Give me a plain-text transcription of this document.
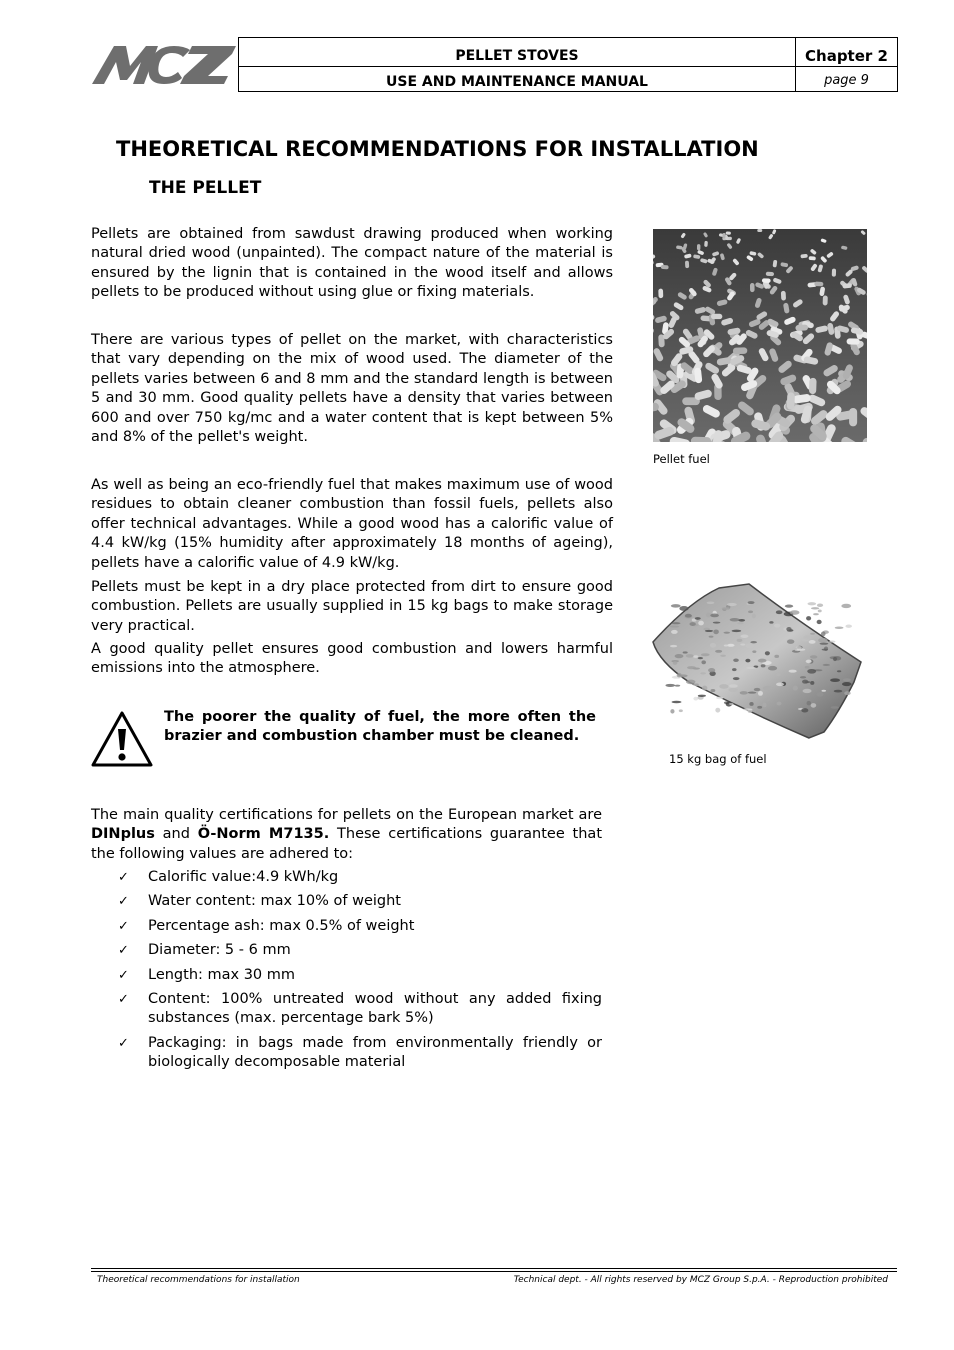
PELLET STOVES
USE AND MAINTENANCE MANUAL
Chapter 2
page 9
THEORETICAL RECOMMENDATIONS FOR INSTALLATION
THE PELLET

Pellets are obtained from sawdust drawing produced when working natural dried wood (unpainted). The compact nature of the material is ensured by the lignin that is contained in the wood itself and allows pellets to be produced without using glue or fixing materials.

There are various types of pellet on the market, with characteristics that vary depending on the mix of wood used. The diameter of the pellets varies between 6 and 8 mm and the standard length is between 5 and 30 mm. Good quality pellets have a density that varies between 600 and over 750 kg/mc and a water content that is kept between 5% and 8% of the pellet's weight.

As well as being an eco-friendly fuel that makes maximum use of wood residues to obtain cleaner combustion than fossil fuels, pellets also offer technical advantages. While a good wood has a calorific value of 4.4 kW/kg (15% humidity after approximately 18 months of ageing), pellets have a calorific value of 4.9 kW/kg.

Pellets must be kept in a dry place protected from dirt to ensure good combustion. Pellets are usually supplied in 15 kg bags to make storage very practical.

A good quality pellet ensures good combustion and lowers harmful emissions into the atmosphere.

The poorer the quality of fuel, the more often the brazier and combustion chamber must be cleaned.

The main quality certifications for pellets on the European market are DINplus and Ö-Norm M7135. These certifications guarantee that the following values are adhered to:

✓ Calorific value:4.9 kWh/kg
✓ Water content: max 10% of weight
✓ Percentage ash: max 0.5% of weight
✓ Diameter: 5 - 6 mm
✓ Length: max 30 mm
✓ Content: 100% untreated wood without any added fixing substances (max. percentage bark 5%)
✓ Packaging: in bags made from environmentally friendly or biologically decomposable material
Pellet fuel
15 kg bag of fuel
Theoretical recommendations for installation	Technical dept. - All rights reserved by MCZ Group S.p.A. - Reproduction prohibited
